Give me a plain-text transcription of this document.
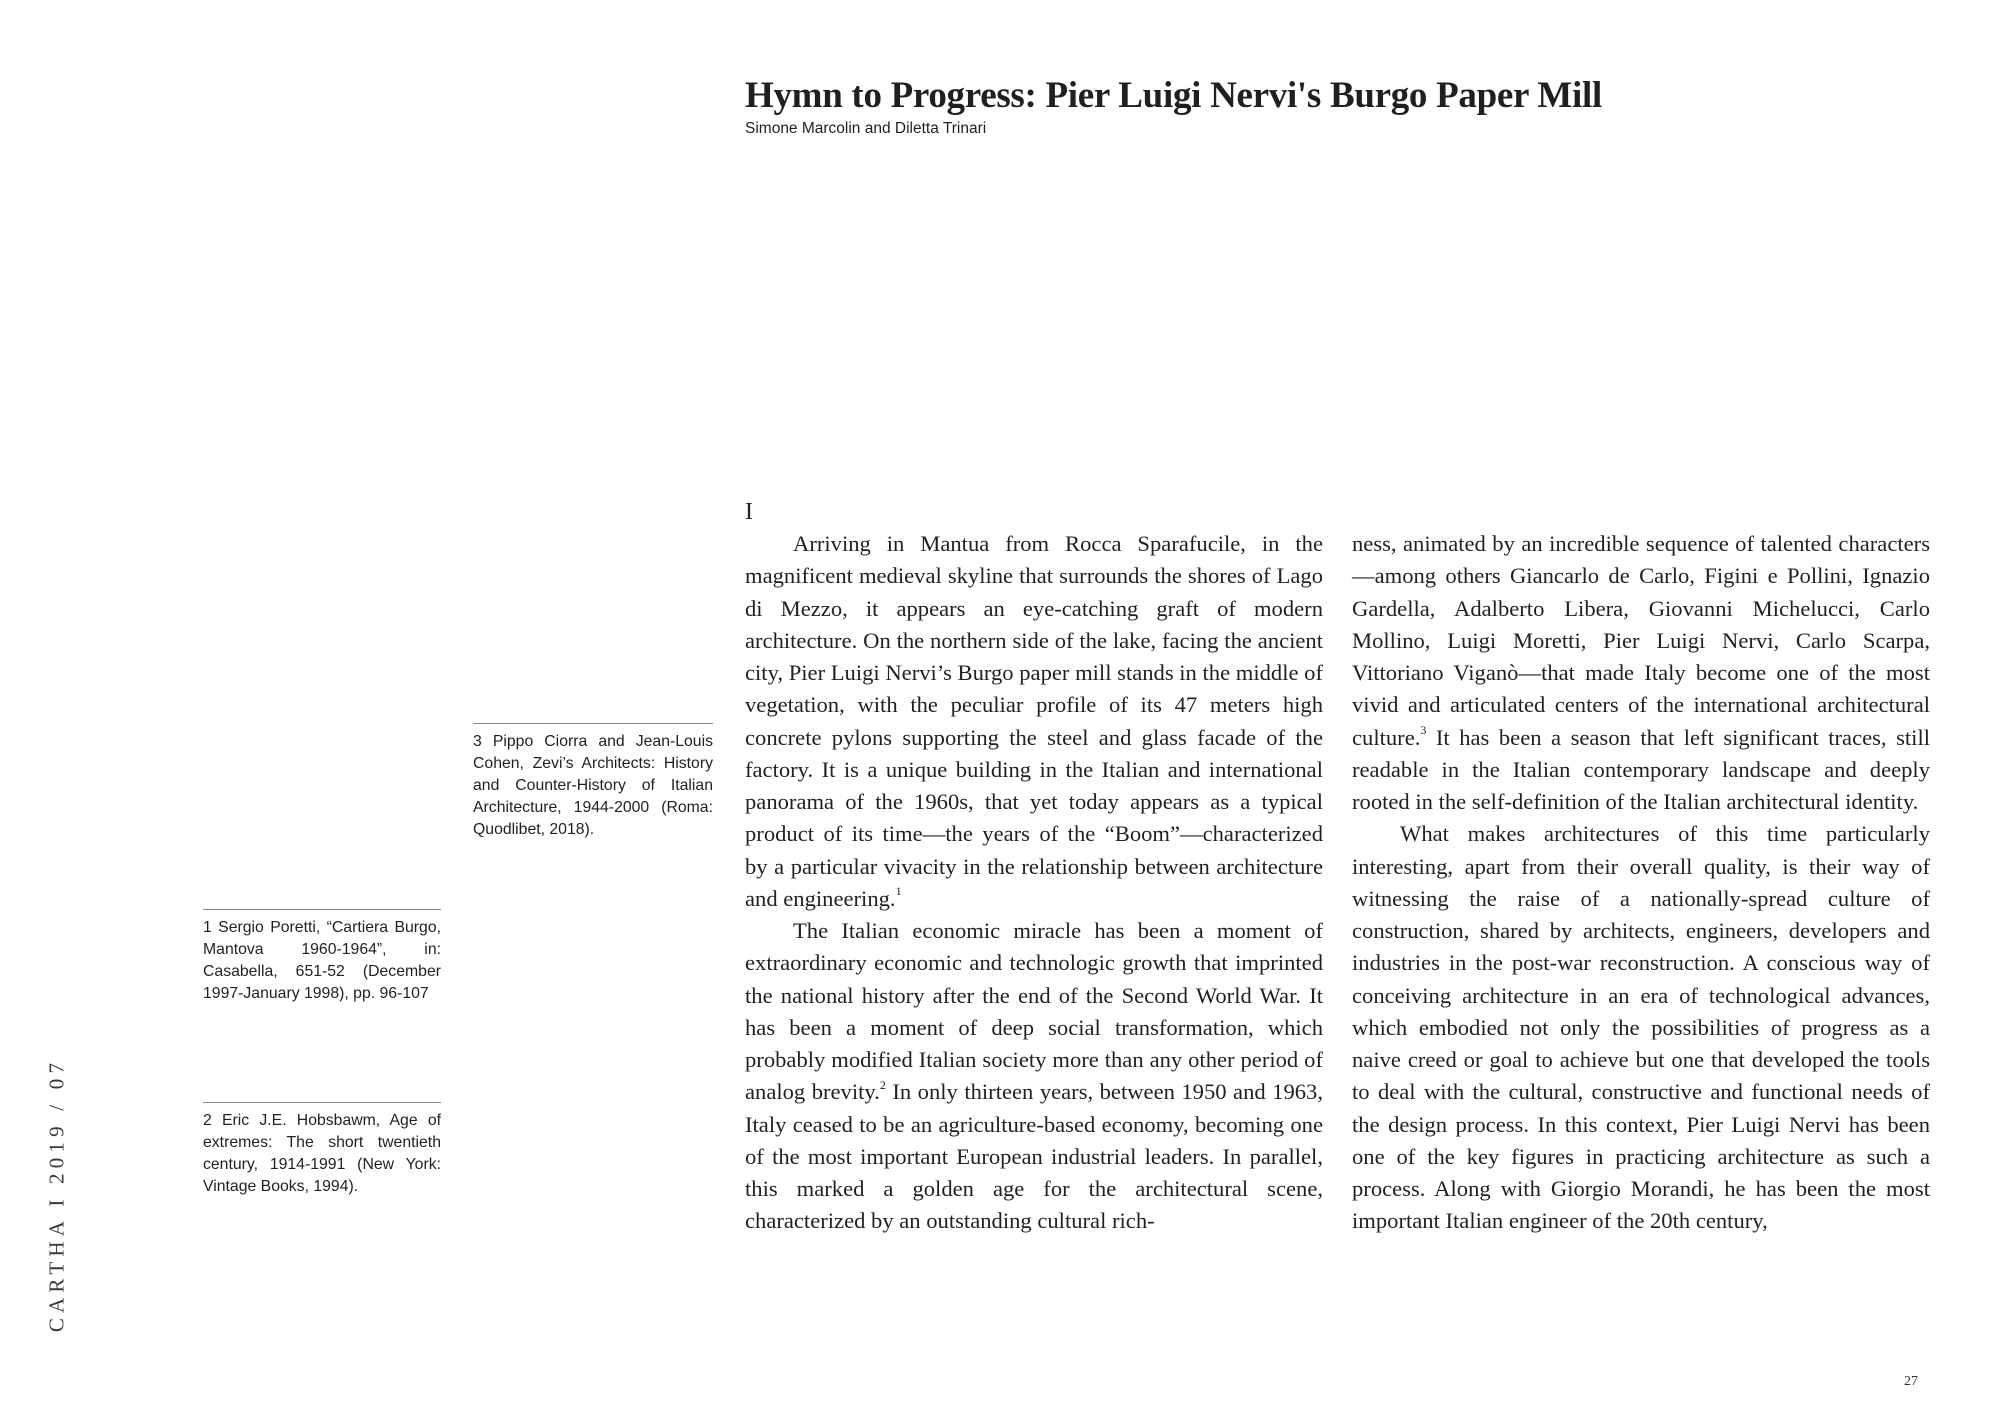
Hymn to Progress: Pier Luigi Nervi's Burgo Paper Mill
Simone Marcolin and Diletta Trinari
I

Arriving in Mantua from Rocca Sparafucile, in the magnificent medieval skyline that surrounds the shores of Lago di Mezzo, it appears an eye-catching graft of modern architecture. On the northern side of the lake, facing the ancient city, Pier Luigi Nervi’s Burgo paper mill stands in the middle of vegetation, with the peculiar profile of its 47 meters high concrete pylons supporting the steel and glass facade of the factory. It is a unique building in the Italian and international panorama of the 1960s, that yet today appears as a typical product of its time—the years of the “Boom”—characterized by a particular vivacity in the relationship between architecture and engineering.$^1$

The Italian economic miracle has been a moment of extraordinary economic and technologic growth that imprinted the national history after the end of the Second World War. It has been a moment of deep social transformation, which probably modified Italian society more than any other period of analog brevity.$^2$ In only thirteen years, between 1950 and 1963, Italy ceased to be an agriculture-based economy, becoming one of the most important European industrial leaders. In parallel, this marked a golden age for the architectural scene, characterized by an outstanding cultural rich-

ness, animated by an incredible sequence of talented characters—among others Giancarlo de Carlo, Figini e Pollini, Ignazio Gardella, Adalberto Libera, Giovanni Michelucci, Carlo Mollino, Luigi Moretti, Pier Luigi Nervi, Carlo Scarpa, Vittoriano Viganò—that made Italy become one of the most vivid and articulated centers of the international architectural culture.$^3$ It has been a season that left significant traces, still readable in the Italian contemporary landscape and deeply rooted in the self-definition of the Italian architectural identity.

What makes architectures of this time particularly interesting, apart from their overall quality, is their way of witnessing the raise of a nationally-spread culture of construction, shared by architects, engineers, developers and industries in the post-war reconstruction. A conscious way of conceiving architecture in an era of technological advances, which embodied not only the possibilities of progress as a naive creed or goal to achieve but one that developed the tools to deal with the cultural, constructive and functional needs of the design process. In this context, Pier Luigi Nervi has been one of the key figures in practicing architecture as such a process. Along with Giorgio Morandi, he has been the most important Italian engineer of the 20th century,

3 Pippo Ciorra and Jean-Louis Cohen, Zevi’s Architects: History and Counter-History of Italian Architecture, 1944-2000 (Roma: Quodlibet, 2018).
1 Sergio Poretti, “Cartiera Burgo, Mantova 1960-1964”, in: Casabella, 651-52 (December 1997-January 1998), pp. 96-107
2 Eric J.E. Hobsbawm, Age of extremes: The short twentieth century, 1914-1991 (New York: Vintage Books, 1994).
CARTHA I 2019 / 07
27
